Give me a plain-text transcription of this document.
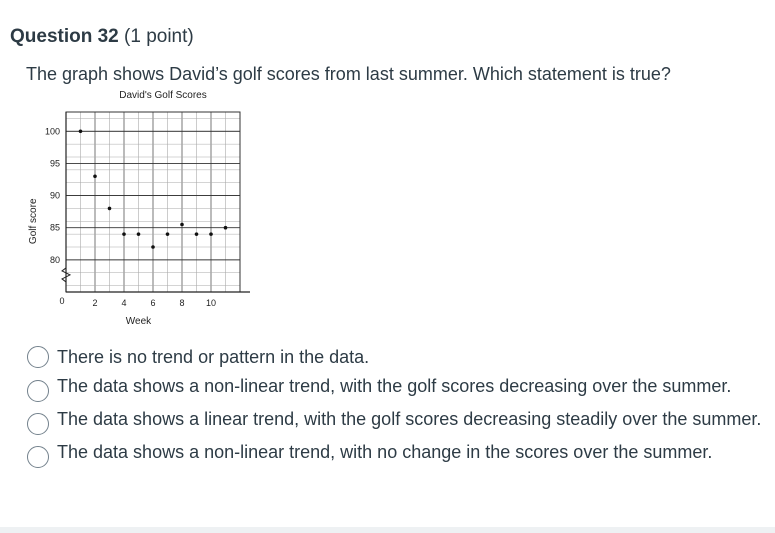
Question 32 (1 point)
The graph shows David’s golf scores from last summer. Which statement is true?
David's Golf Scores
80
85
90
95
100
2	4	6	8 10
0
Week
Golf score
There is no trend or pattern in the data.
The data shows a non-linear trend, with the golf scores decreasing over the summer.
The data shows a linear trend, with the golf scores decreasing steadily over the summer.
The data shows a non-linear trend, with no change in the scores over the summer.
